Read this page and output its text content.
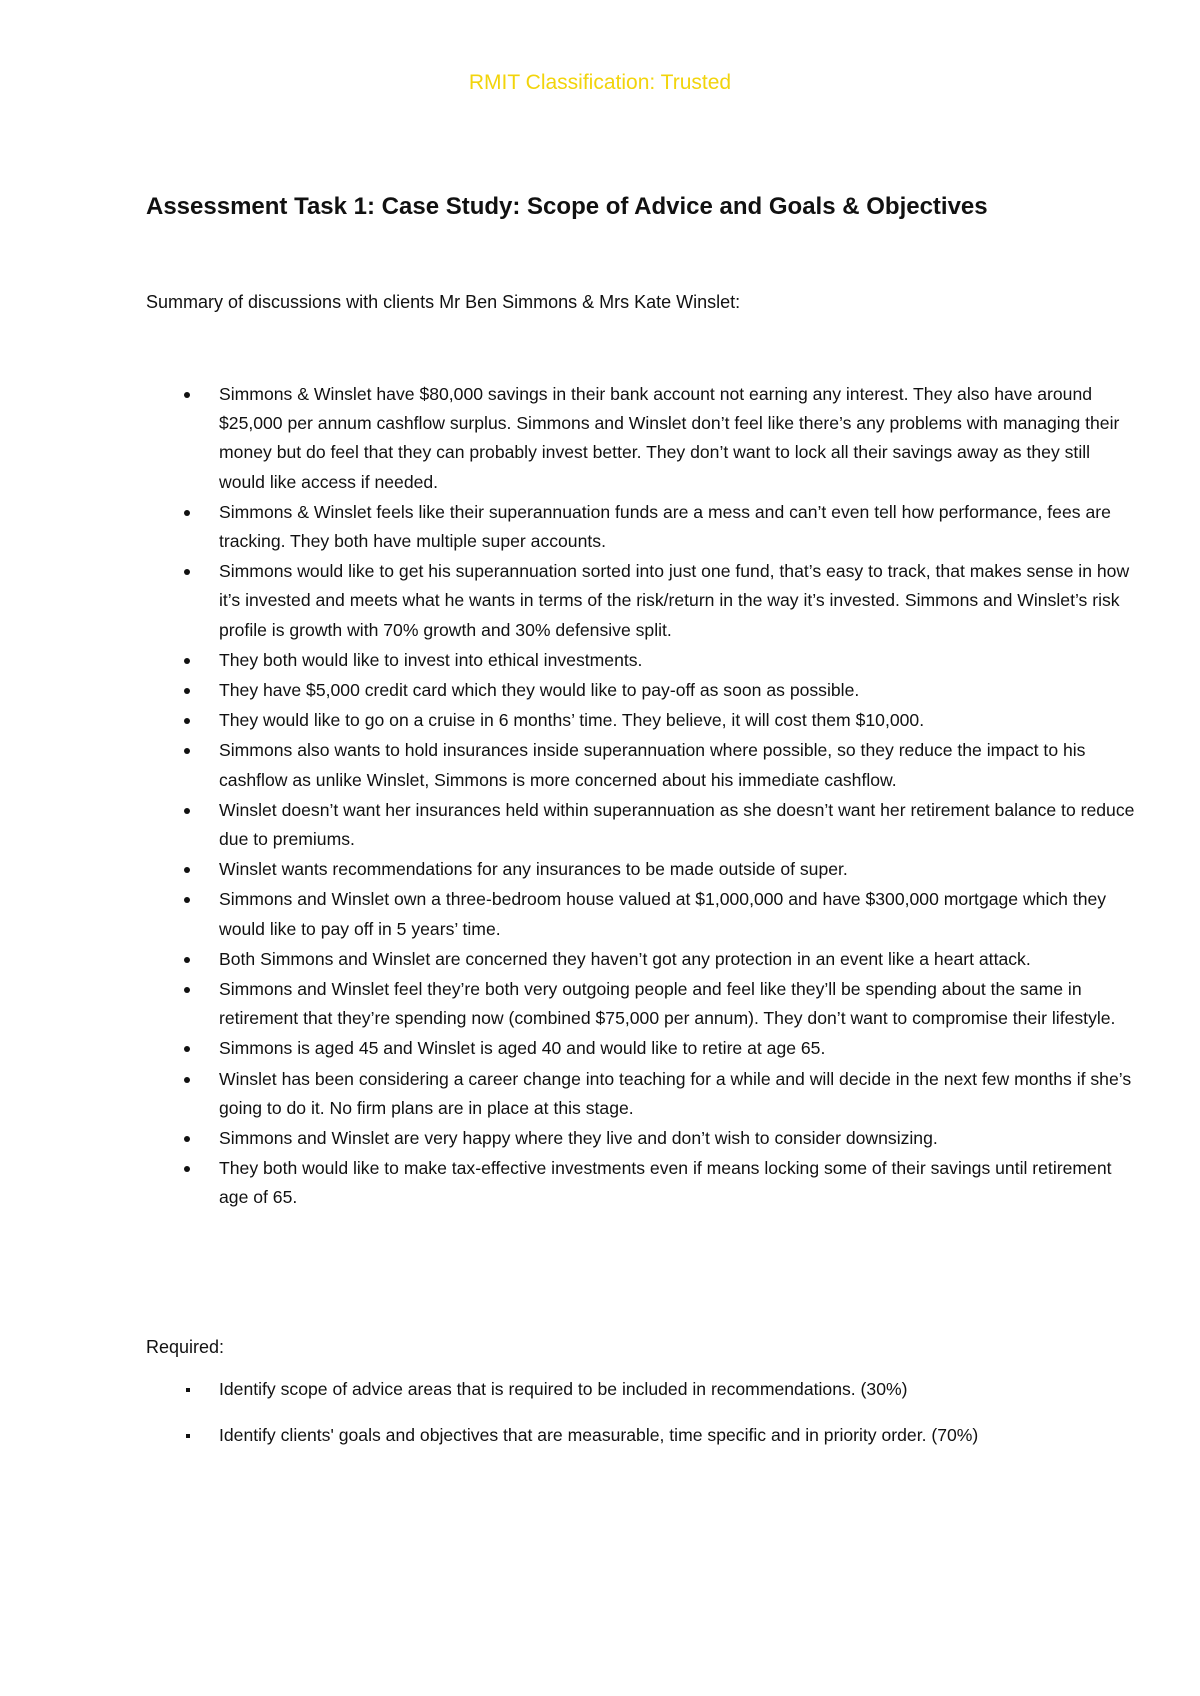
RMIT Classification: Trusted
Assessment Task 1: Case Study: Scope of Advice and Goals & Objectives

Summary of discussions with clients Mr Ben Simmons & Mrs Kate Winslet:

Simmons & Winslet have $80,000 savings in their bank account not earning any interest. They also have around $25,000 per annum cashflow surplus. Simmons and Winslet don’t feel like there’s any problems with managing their money but do feel that they can probably invest better. They don’t want to lock all their savings away as they still would like access if needed.
Simmons & Winslet feels like their superannuation funds are a mess and can’t even tell how performance, fees are tracking. They both have multiple super accounts.
Simmons would like to get his superannuation sorted into just one fund, that’s easy to track, that makes sense in how it’s invested and meets what he wants in terms of the risk/return in the way it’s invested. Simmons and Winslet’s risk profile is growth with 70% growth and 30% defensive split.
They both would like to invest into ethical investments.
They have $5,000 credit card which they would like to pay-off as soon as possible.
They would like to go on a cruise in 6 months’ time. They believe, it will cost them $10,000.
Simmons also wants to hold insurances inside superannuation where possible, so they reduce the impact to his cashflow as unlike Winslet, Simmons is more concerned about his immediate cashflow.
Winslet doesn’t want her insurances held within superannuation as she doesn’t want her retirement balance to reduce due to premiums.
Winslet wants recommendations for any insurances to be made outside of super.
Simmons and Winslet own a three-bedroom house valued at $1,000,000 and have $300,000 mortgage which they would like to pay off in 5 years’ time.
Both Simmons and Winslet are concerned they haven’t got any protection in an event like a heart attack.
Simmons and Winslet feel they’re both very outgoing people and feel like they’ll be spending about the same in retirement that they’re spending now (combined $75,000 per annum). They don’t want to compromise their lifestyle.
Simmons is aged 45 and Winslet is aged 40 and would like to retire at age 65.
Winslet has been considering a career change into teaching for a while and will decide in the next few months if she’s going to do it. No firm plans are in place at this stage.
Simmons and Winslet are very happy where they live and don’t wish to consider downsizing.
They both would like to make tax-effective investments even if means locking some of their savings until retirement age of 65.

Required:

Identify scope of advice areas that is required to be included in recommendations. (30%)
Identify clients' goals and objectives that are measurable, time specific and in priority order. (70%)
